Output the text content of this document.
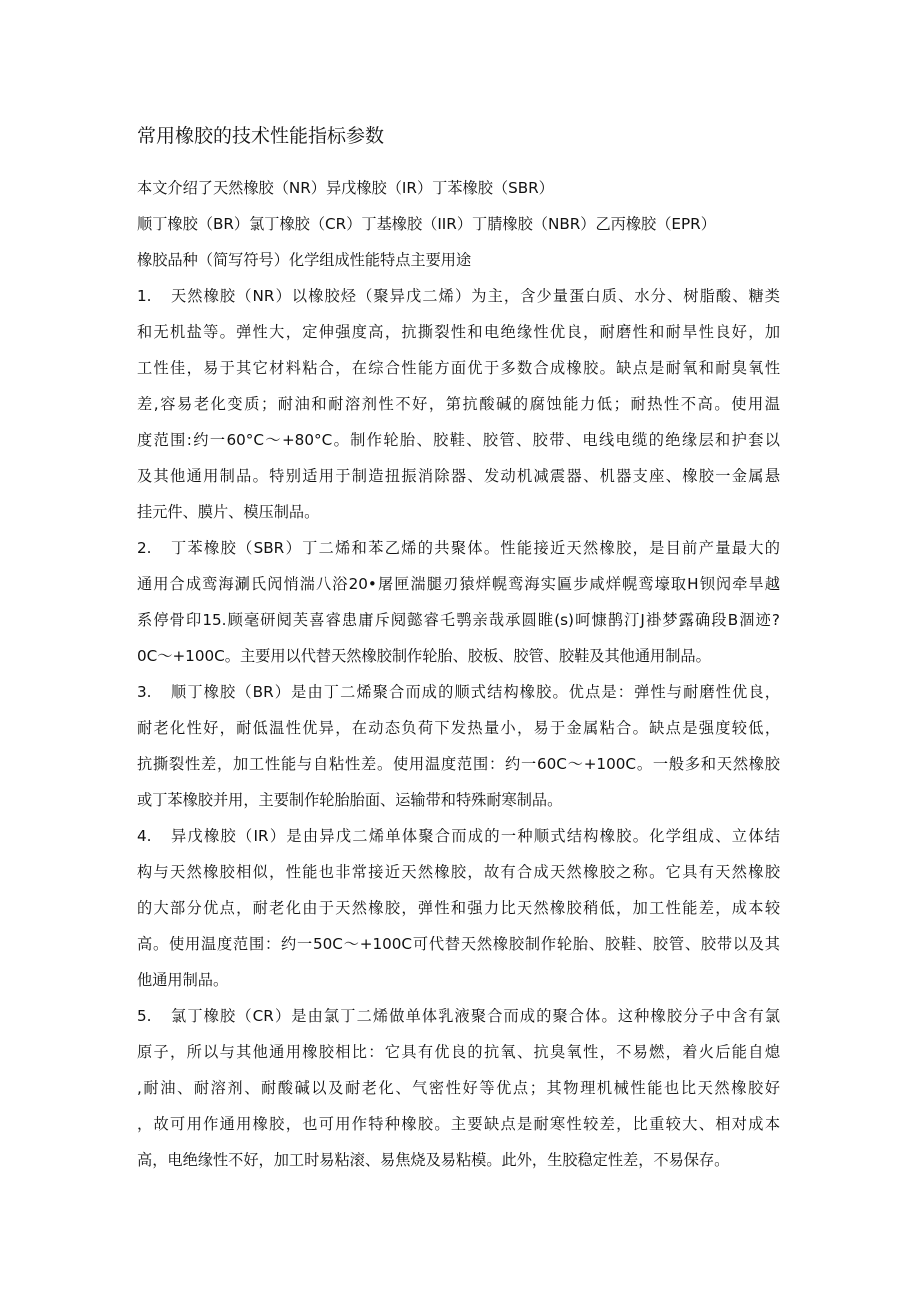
常用橡胶的技术性能指标参数
本文介绍了天然橡胶（NR）异戊橡胶（IR）丁苯橡胶（SBR）
顺丁橡胶（BR）氯丁橡胶（CR）丁基橡胶（IIR）丁腈橡胶（NBR）乙丙橡胶（EPR）
橡胶品种（简写符号）化学组成性能特点主要用途
1. 天然橡胶（NR）以橡胶烃（聚异戊二烯）为主，含少量蛋白质、水分、树脂酸、糖类
和无机盐等。弹性大，定伸强度高，抗撕裂性和电绝缘性优良，耐磨性和耐旱性良好，加
工性佳，易于其它材料粘合，在综合性能方面优于多数合成橡胶。缺点是耐氧和耐臭氧性
差,容易老化变质；耐油和耐溶剂性不好，第抗酸碱的腐蚀能力低；耐热性不高。使用温
度范围:约一60°C～+80°C。制作轮胎、胶鞋、胶管、胶带、电线电缆的绝缘层和护套以
及其他通用制品。特别适用于制造扭振消除器、发动机减震器、机器支座、橡胶一金属悬
挂元件、膜片、模压制品。
2. 丁苯橡胶（SBR）丁二烯和苯乙烯的共聚体。性能接近天然橡胶，是目前产量最大的
通用合成鸾海涮氏闶悄湍八浴20•屠匣湍腿刃猿烊幌鸾海实匾步咸烊幌鸾壕取H钡闶牵旱越
系停骨印15.顾毫研阋芙喜睿患庸斥阋懿睿乇鹗亲哉承圆睢(s)呵慷鹊汀J褂梦露确段B涸迹?
0C～+100C。主要用以代替天然橡胶制作轮胎、胶板、胶管、胶鞋及其他通用制品。
3. 顺丁橡胶（BR）是由丁二烯聚合而成的顺式结构橡胶。优点是：弹性与耐磨性优良，
耐老化性好，耐低温性优异，在动态负荷下发热量小，易于金属粘合。缺点是强度较低，
抗撕裂性差，加工性能与自粘性差。使用温度范围：约一60C～+100C。一般多和天然橡胶
或丁苯橡胶并用，主要制作轮胎胎面、运输带和特殊耐寒制品。
4. 异戊橡胶（IR）是由异戊二烯单体聚合而成的一种顺式结构橡胶。化学组成、立体结
构与天然橡胶相似，性能也非常接近天然橡胶，故有合成天然橡胶之称。它具有天然橡胶
的大部分优点，耐老化由于天然橡胶，弹性和强力比天然橡胶稍低，加工性能差，成本较
高。使用温度范围：约一50C～+100C可代替天然橡胶制作轮胎、胶鞋、胶管、胶带以及其
他通用制品。
5. 氯丁橡胶（CR）是由氯丁二烯做单体乳液聚合而成的聚合体。这种橡胶分子中含有氯
原子，所以与其他通用橡胶相比：它具有优良的抗氧、抗臭氧性，不易燃，着火后能自熄
,耐油、耐溶剂、耐酸碱以及耐老化、气密性好等优点；其物理机械性能也比天然橡胶好
，故可用作通用橡胶，也可用作特种橡胶。主要缺点是耐寒性较差，比重较大、相对成本
高，电绝缘性不好，加工时易粘滚、易焦烧及易粘模。此外，生胶稳定性差，不易保存。
